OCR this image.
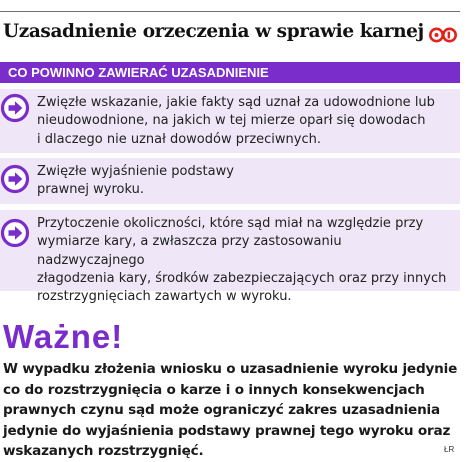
Uzasadnienie orzeczenia w sprawie karnej
CO POWINNO ZAWIERAĆ UZASADNIENIE
Zwięzłe wskazanie, jakie fakty sąd uznał za udowodnione lub
nieudowodnione, na jakich w tej mierze oparł się dowodach
i dlaczego nie uznał dowodów przeciwnych.
Zwięzłe wyjaśnienie podstawy
prawnej wyroku.
Przytoczenie okoliczności, które sąd miał na względzie przy
wymiarze kary, a zwłaszcza przy zastosowaniu nadzwyczajnego
złagodzenia kary, środków zabezpieczających oraz przy innych
rozstrzygnięciach zawartych w wyroku.
Ważne!
W wypadku złożenia wniosku o uzasadnienie wyroku jedynie
co do rozstrzygnięcia o karze i o innych konsekwencjach
prawnych czynu sąd może ograniczyć zakres uzasadnienia
jedynie do wyjaśnienia podstawy prawnej tego wyroku oraz
wskazanych rozstrzygnięć.	ŁR
